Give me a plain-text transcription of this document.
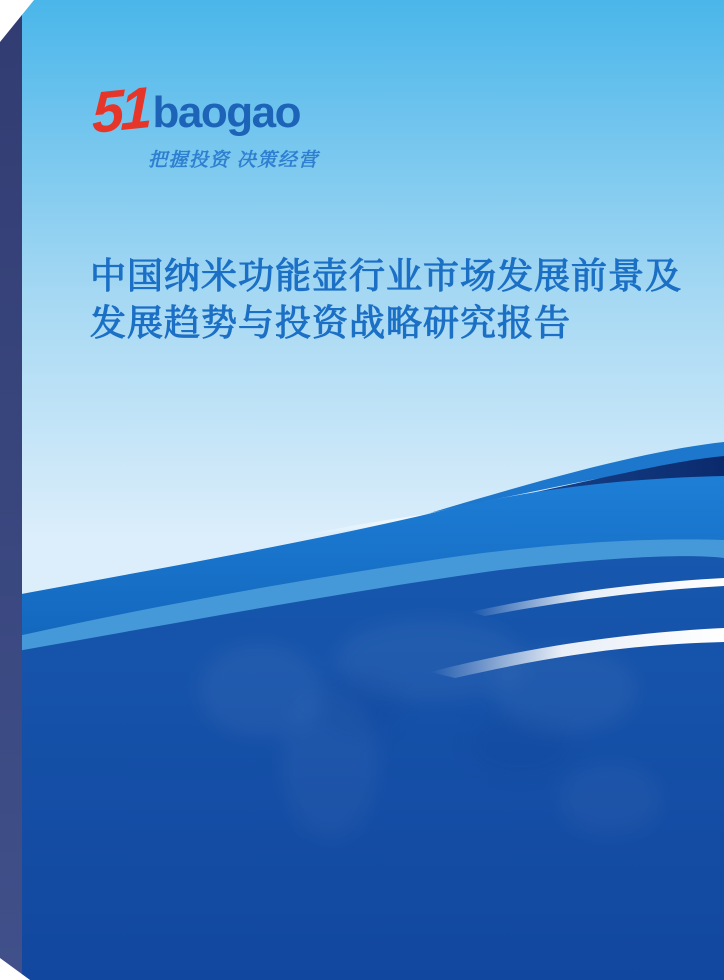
51 baogao
把握投资 决策经营
中国纳米功能壶行业市场发展前景及
发展趋势与投资战略研究报告
